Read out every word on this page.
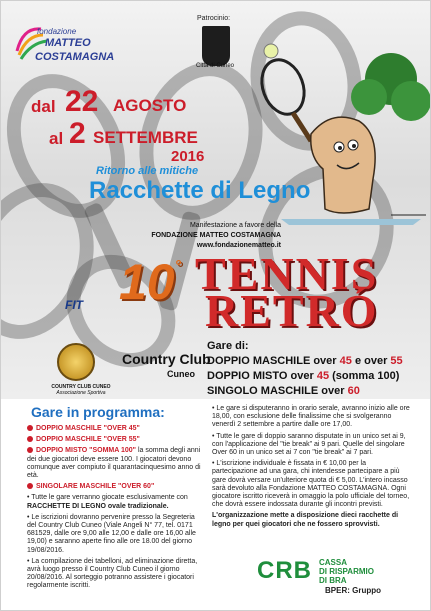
fondazione
MATTEO
COSTAMAGNA
Patrocinio:
Città di Cuneo
dal 22 AGOSTO
al 2 SETTEMBRE
2016
Ritorno alle mitiche
Racchette di Legno
Manifestazione a favore della
FONDAZIONE MATTEO COSTAMAGNA
www.fondazionematteo.it
10° TENNIS
RETRÓ
FIT
Country Club
Cuneo
Gare di:
DOPPIO MASCHILE over 45 e over 55
DOPPIO MISTO over 45 (somma 100)
SINGOLO MASCHILE over 60
COUNTRY CLUB CUNEO
Associazione Sportiva
Gare in programma:
DOPPIO MASCHILE "OVER 45"
DOPPIO MASCHILE "OVER 55"
DOPPIO MISTO "SOMMA 100" la somma degli anni dei due giocatori deve essere 100. I giocatori devono comunque aver compiuto il quarantacinquesimo anno di età.
SINGOLARE MASCHILE "OVER 60"
• Tutte le gare verranno giocate esclusivamente con RACCHETTE DI LEGNO ovale tradizionale.
• Le iscrizioni dovranno pervenire presso la Segreteria del Country Club Cuneo (Viale Angeli N° 77, tel. 0171 681529, dalle ore 9,00 alle 12,00 e dalle ore 16,00 alle 19,00) e saranno aperte fino alle ore 18.00 del giorno 19/08/2016.
• La compilazione dei tabelloni, ad eliminazione diretta, avrà luogo presso il Country Club Cuneo il giorno 20/08/2016. Al sorteggio potranno assistere i giocatori regolarmente iscritti.
• Le gare si disputeranno in orario serale, avranno inizio alle ore 18,00, con esclusione delle finalissime che si svolgeranno venerdì 2 settembre a partire dalle ore 17,00.
• Tutte le gare di doppio saranno disputate in un unico set ai 9, con l'applicazione del "tie break" ai 9 pari. Quelle del singolare Over 60 in un unico set ai 7 con "tie break" ai 7 pari.
• L'iscrizione individuale è fissata in € 10,00 per la partecipazione ad una gara, chi intendesse partecipare a più gare dovrà versare un'ulteriore quota di € 5,00. L'intero incasso sarà devoluto alla Fondazione MATTEO COSTAMAGNA. Ogni giocatore iscritto riceverà in omaggio la polo ufficiale del torneo, che dovrà essere indossata durante gli incontri previsti.
L'organizzazione mette a disposizione dieci racchette di legno per quei giocatori che ne fossero sprovvisti.
CRB CASSA
DI RISPARMIO
DI BRA
BPER: Gruppo
